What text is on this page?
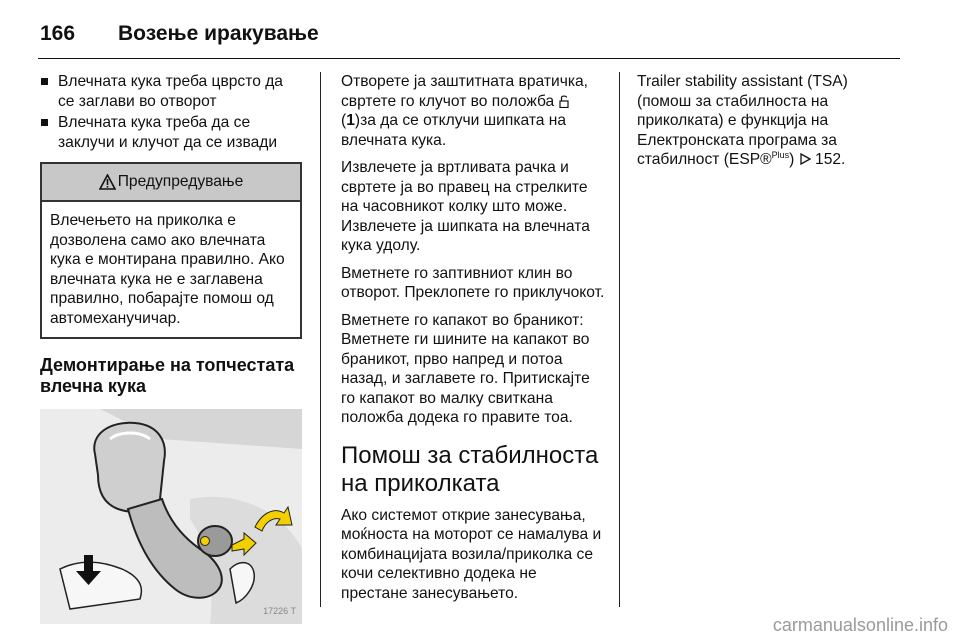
166	Возење иракување
Влечната кука треба цврсто да се заглави во отворот
Влечната кука треба да се заклучи и клучот да се извади
Предупредување
Влечењето на приколка е дозволена само ако влечната кука е монтирана правилно. Ако влечната кука не е заглавена правилно, побарајте помош од автомеханучичар.
Демонтирање на топчестата влечна кука
17226 T

Отворете ја заштитната вратичка, свртете го клучот во положба
(1)за да се отклучи шипката на влечната кука.

Извлечете ја вртливата рачка и свртете ја во правец на стрелките на часовникот колку што може. Извлечете ја шипката на влечната кука удолу.

Вметнете го заптивниот клин во отворот. Преклопете го приклучокот.

Вметнете го капакот во браникот: Вметнете ги шините на капакот во браникот, прво напред и потоа назад, и заглавете го. Притискајте го капакот во малку свиткана положба додека го правите тоа.

Помош за стабилноста на приколката

Ако системот открие занесувања, моќноста на моторот се намалува и комбинацијата возила/приколка се кочи селективно додека не престане занесувањето.

Trailer stability assistant (TSA) (помош за стабилноста на приколката) е функција на Електронската програма за стабилност (ESP®$^{Plus}$) 152.

carmanualsonline.info
